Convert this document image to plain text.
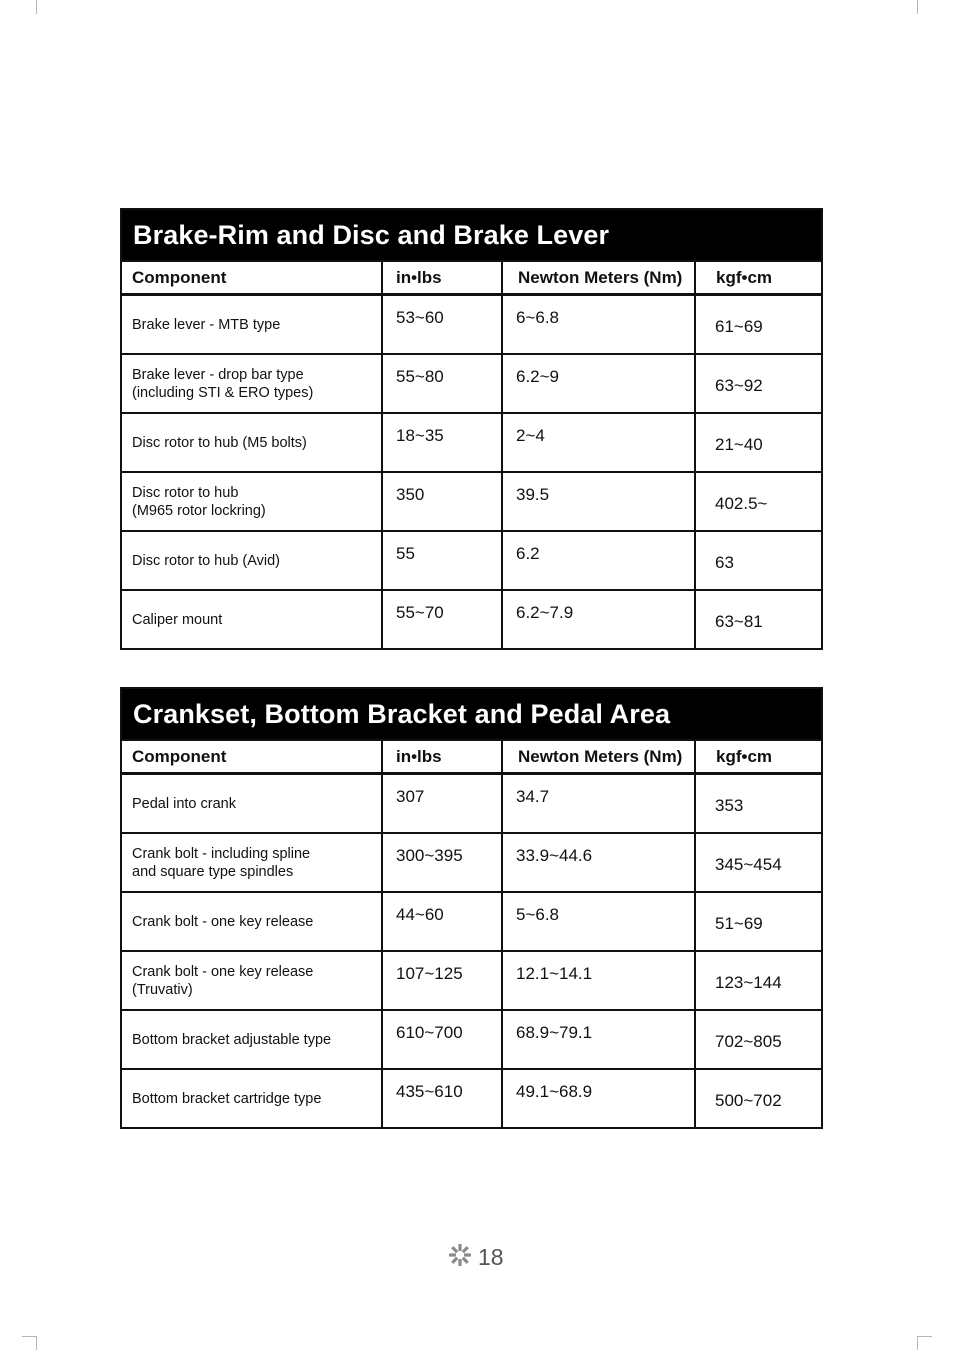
Brake-Rim and Disc and Brake Lever
Component	in•lbs	Newton Meters (Nm)	kgf•cm

Brake lever - MTB type	53~60	6~6.8	61~69

Brake lever - drop bar type
(including STI & ERO types)	55~80	6.2~9	63~92

Disc rotor to hub (M5 bolts)	18~35	2~4	21~40

Disc rotor to hub
(M965 rotor lockring)	350	39.5	402.5~

Disc rotor to hub (Avid)	55	6.2	63

Caliper mount	55~70	6.2~7.9	63~81
Crankset, Bottom Bracket and Pedal Area
Component	in•lbs	Newton Meters (Nm)	kgf•cm

Pedal into crank	307	34.7	353

Crank bolt - including spline
and square type spindles	300~395	33.9~44.6	345~454

Crank bolt - one key release	44~60	5~6.8	51~69

Crank bolt - one key release
(Truvativ)	107~125	12.1~14.1	123~144

Bottom bracket adjustable type	610~700	68.9~79.1	702~805

Bottom bracket cartridge type	435~610	49.1~68.9	500~702
18
